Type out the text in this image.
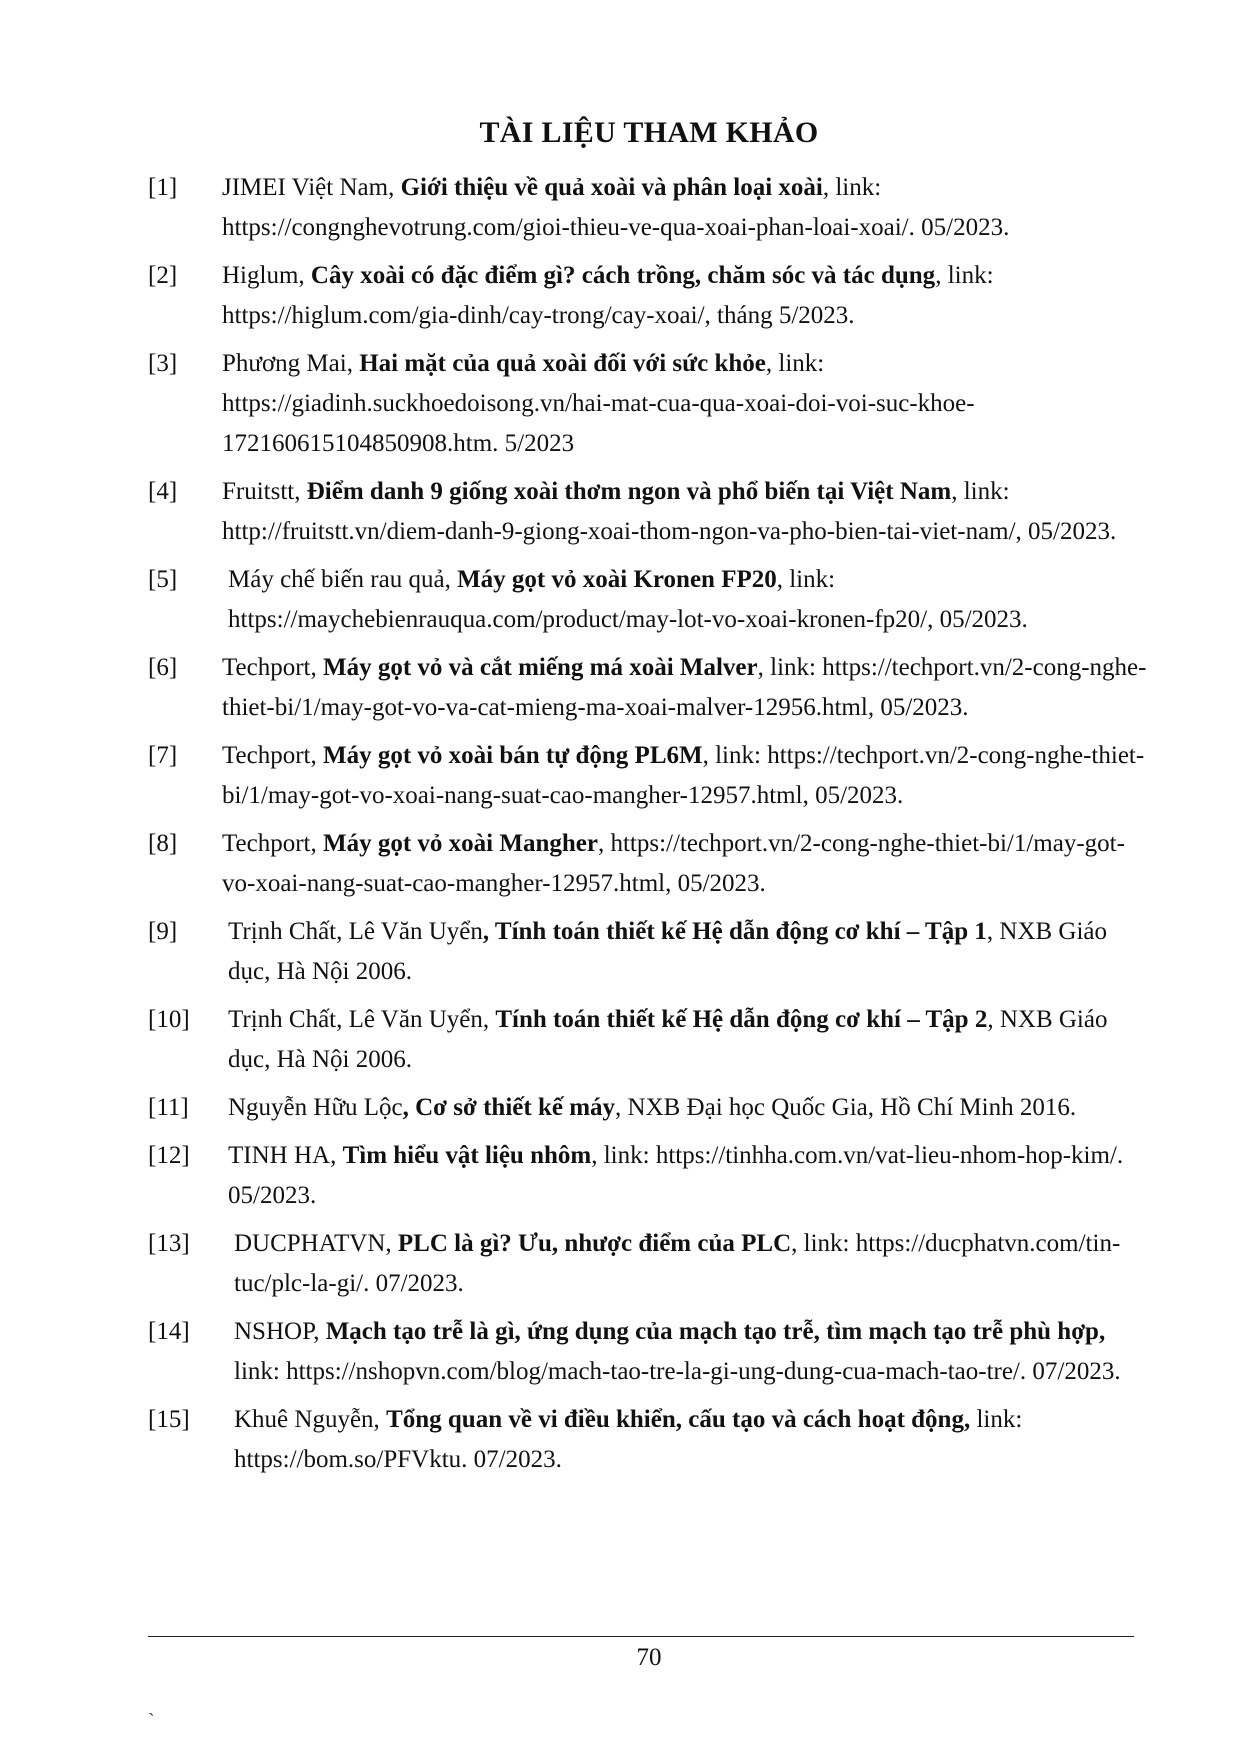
TÀI LIỆU THAM KHẢO
[1] JIMEI Việt Nam, Giới thiệu về quả xoài và phân loại xoài, link: https://congnghevotrung.com/gioi-thieu-ve-qua-xoai-phan-loai-xoai/. 05/2023.
[2] Higlum, Cây xoài có đặc điểm gì? cách trồng, chăm sóc và tác dụng, link: https://higlum.com/gia-dinh/cay-trong/cay-xoai/, tháng 5/2023.
[3] Phương Mai, Hai mặt của quả xoài đối với sức khỏe, link: https://giadinh.suckhoedoisong.vn/hai-mat-cua-qua-xoai-doi-voi-suc-khoe-172160615104850908.htm. 5/2023
[4] Fruitstt, Điểm danh 9 giống xoài thơm ngon và phổ biến tại Việt Nam, link: http://fruitstt.vn/diem-danh-9-giong-xoai-thom-ngon-va-pho-bien-tai-viet-nam/, 05/2023.
[5] Máy chế biến rau quả, Máy gọt vỏ xoài Kronen FP20, link: https://maychebienrauqua.com/product/may-lot-vo-xoai-kronen-fp20/, 05/2023.
[6] Techport, Máy gọt vỏ và cắt miếng má xoài Malver, link: https://techport.vn/2-cong-nghe-thiet-bi/1/may-got-vo-va-cat-mieng-ma-xoai-malver-12956.html, 05/2023.
[7] Techport, Máy gọt vỏ xoài bán tự động PL6M, link: https://techport.vn/2-cong-nghe-thiet-bi/1/may-got-vo-xoai-nang-suat-cao-mangher-12957.html, 05/2023.
[8] Techport, Máy gọt vỏ xoài Mangher, https://techport.vn/2-cong-nghe-thiet-bi/1/may-got-vo-xoai-nang-suat-cao-mangher-12957.html, 05/2023.
[9] Trịnh Chất, Lê Văn Uyển, Tính toán thiết kế Hệ dẫn động cơ khí – Tập 1, NXB Giáo dục, Hà Nội 2006.
[10] Trịnh Chất, Lê Văn Uyển, Tính toán thiết kế Hệ dẫn động cơ khí – Tập 2, NXB Giáo dục, Hà Nội 2006.
[11] Nguyễn Hữu Lộc, Cơ sở thiết kế máy, NXB Đại học Quốc Gia, Hồ Chí Minh 2016.
[12] TINH HA, Tìm hiểu vật liệu nhôm, link: https://tinhha.com.vn/vat-lieu-nhom-hop-kim/. 05/2023.
[13] DUCPHATVN, PLC là gì? Ưu, nhược điểm của PLC, link: https://ducphatvn.com/tin-tuc/plc-la-gi/. 07/2023.
[14] NSHOP, Mạch tạo trễ là gì, ứng dụng của mạch tạo trễ, tìm mạch tạo trễ phù hợp, link: https://nshopvn.com/blog/mach-tao-tre-la-gi-ung-dung-cua-mach-tao-tre/. 07/2023.
[15] Khuê Nguyễn, Tổng quan về vi điều khiển, cấu tạo và cách hoạt động, link: https://bom.so/PFVktu. 07/2023.
70
`
